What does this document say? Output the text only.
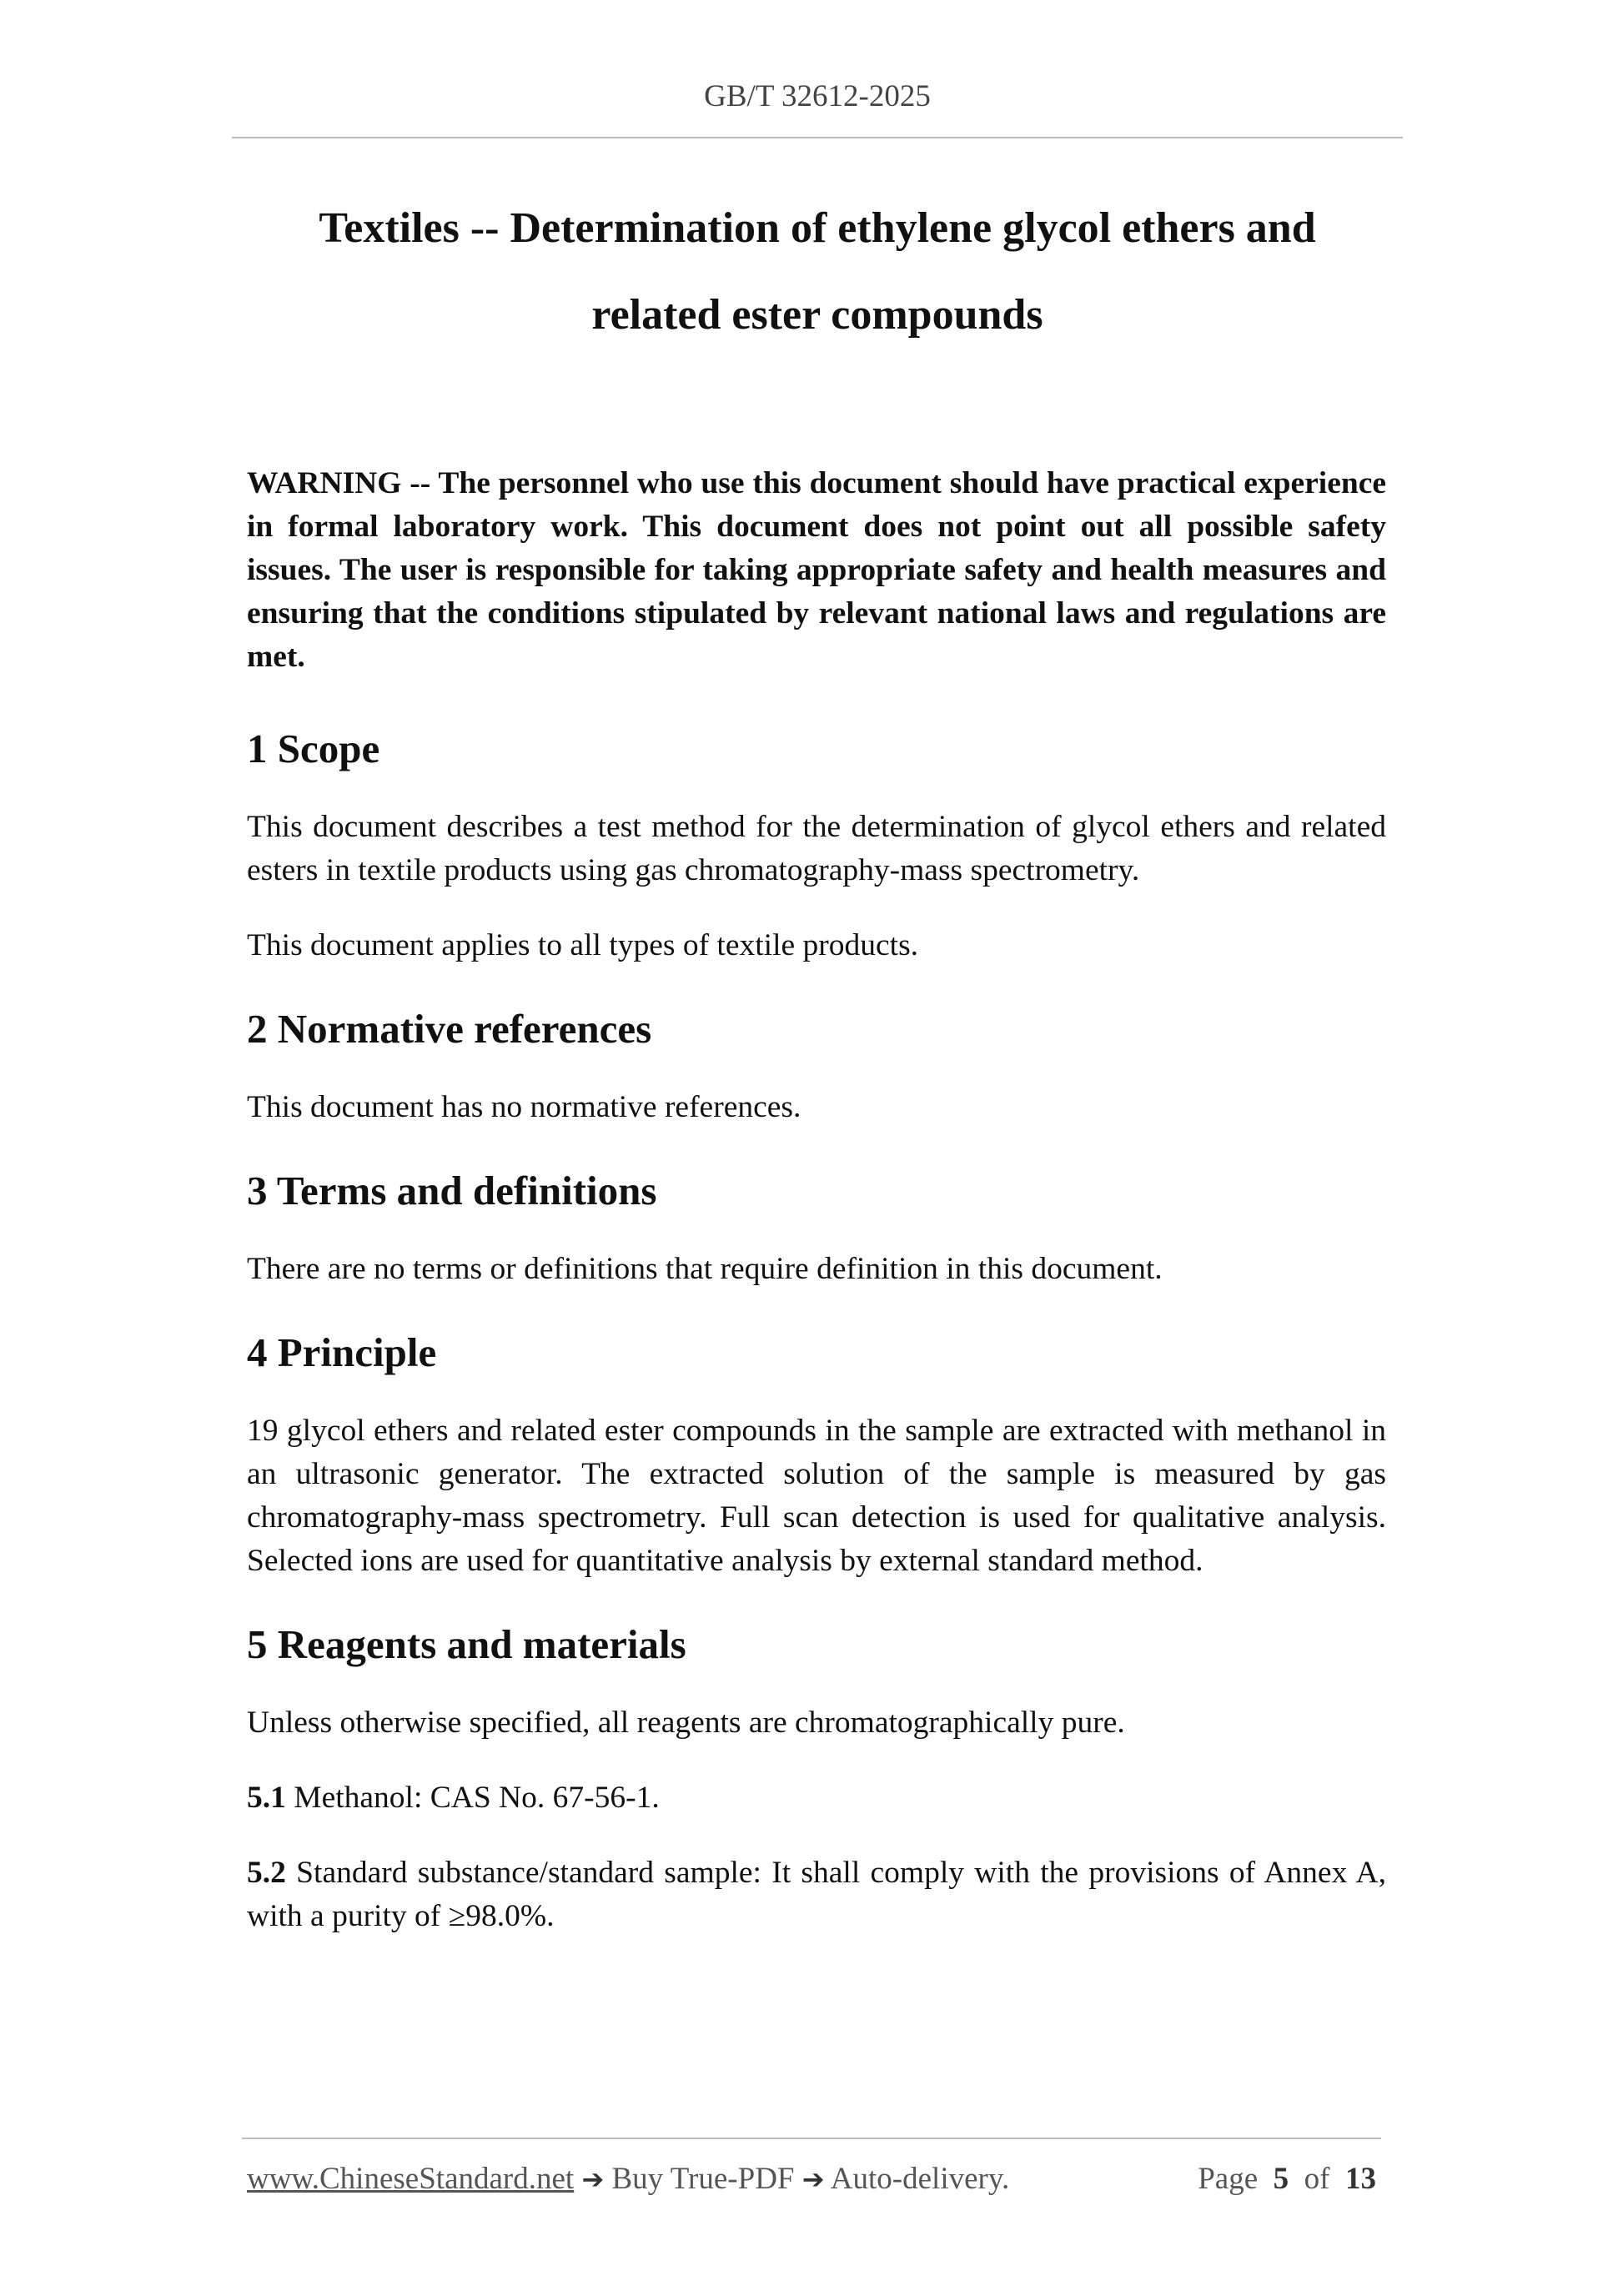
GB/T 32612-2025
Textiles -- Determination of ethylene glycol ethers and
related ester compounds

WARNING -- The personnel who use this document should have practical experience in formal laboratory work. This document does not point out all possible safety issues. The user is responsible for taking appropriate safety and health measures and ensuring that the conditions stipulated by relevant national laws and regulations are met.

1 Scope

This document describes a test method for the determination of glycol ethers and related esters in textile products using gas chromatography-mass spectrometry.

This document applies to all types of textile products.

2 Normative references

This document has no normative references.

3 Terms and definitions

There are no terms or definitions that require definition in this document.

4 Principle

19 glycol ethers and related ester compounds in the sample are extracted with methanol in an ultrasonic generator. The extracted solution of the sample is measured by gas chromatography-mass spectrometry. Full scan detection is used for qualitative analysis. Selected ions are used for quantitative analysis by external standard method.

5 Reagents and materials

Unless otherwise specified, all reagents are chromatographically pure.

5.1 Methanol: CAS No. 67-56-1.

5.2 Standard substance/standard sample: It shall comply with the provisions of Annex A, with a purity of ≥98.0%.

www.ChineseStandard.net ➔ Buy True-PDF ➔ Auto-delivery.	Page 5 of 13
